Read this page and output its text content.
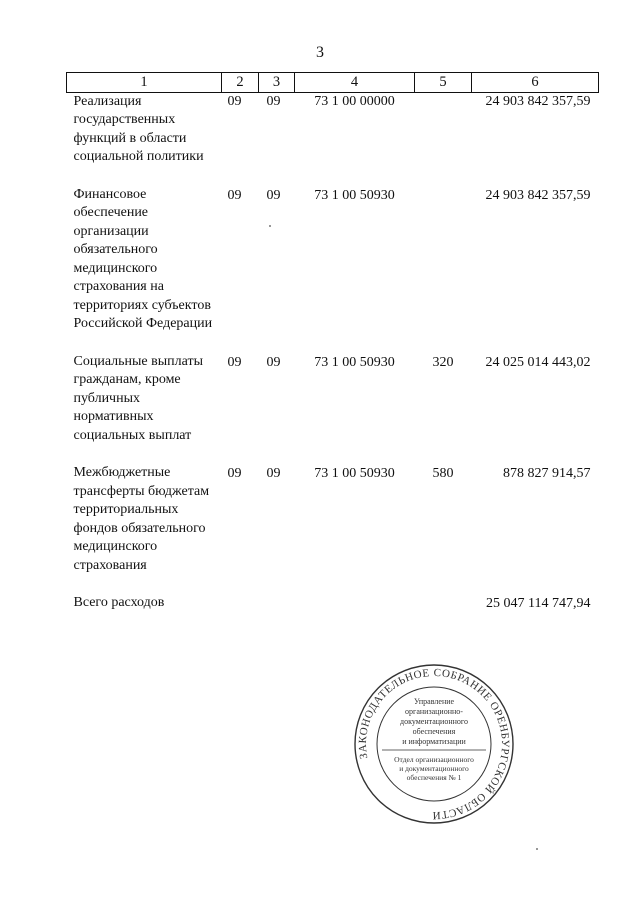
3
1	2	3	4	5	6
Реализация государственных функций в области социальной политики	09	09	73 1 00 00000		24 903 842 357,59

Финансовое обеспечение организации обязательного медицинского страхования на территориях субъектов Российской Федерации	09	09	73 1 00 50930		24 903 842 357,59

Социальные выплаты гражданам, кроме публичных нормативных социальных выплат	09	09	73 1 00 50930	320	24 025 014 443,02

Межбюджетные трансферты бюджетам территориальных фондов обязательного медицинского страхования	09	09	73 1 00 50930	580	878 827 914,57

Всего расходов					25 047 114 747,94
ЗАКОНОДАТЕЛЬНОЕ СОБРАНИЕ ОРЕНБУРГСКОЙ ОБЛАСТИ
Управление
организационно-
документационного
обеспечения
и информатизации
Отдел организационного
и документационного
обеспечения № 1
